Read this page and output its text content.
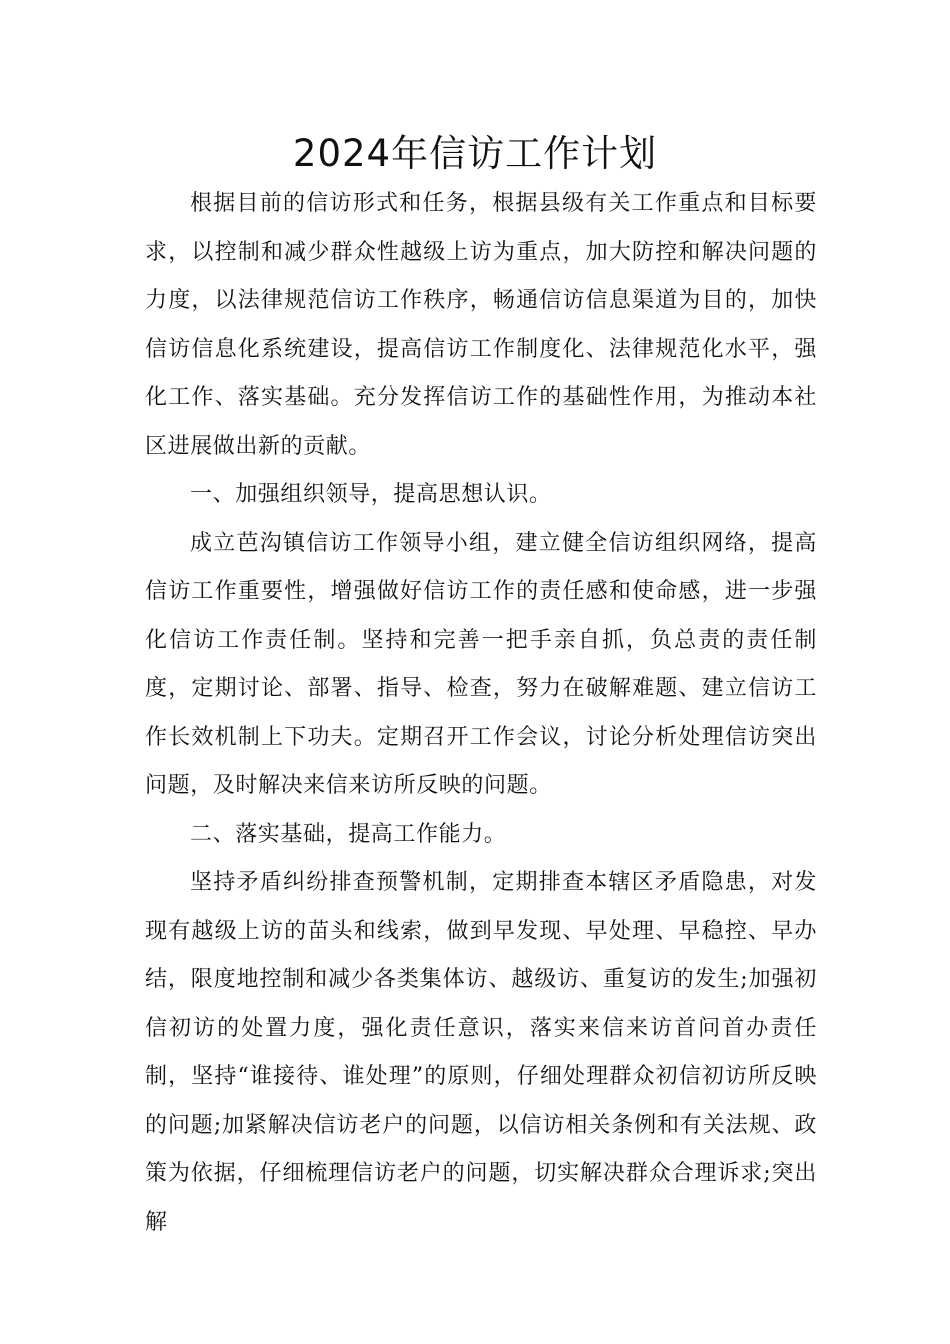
2024年信访工作计划

根据目前的信访形式和任务，根据县级有关工作重点和目标要求，以控制和减少群众性越级上访为重点，加大防控和解决问题的力度，以法律规范信访工作秩序，畅通信访信息渠道为目的，加快信访信息化系统建设，提高信访工作制度化、法律规范化水平，强化工作、落实基础。充分发挥信访工作的基础性作用，为推动本社区进展做出新的贡献。

一、加强组织领导，提高思想认识。

成立芭沟镇信访工作领导小组，建立健全信访组织网络，提高信访工作重要性，增强做好信访工作的责任感和使命感，进一步强化信访工作责任制。坚持和完善一把手亲自抓，负总责的责任制度，定期讨论、部署、指导、检查，努力在破解难题、建立信访工作长效机制上下功夫。定期召开工作会议，讨论分析处理信访突出问题，及时解决来信来访所反映的问题。

二、落实基础，提高工作能力。

坚持矛盾纠纷排查预警机制，定期排查本辖区矛盾隐患，对发现有越级上访的苗头和线索，做到早发现、早处理、早稳控、早办结，限度地控制和减少各类集体访、越级访、重复访的发生;加强初信初访的处置力度，强化责任意识，落实来信来访首问首办责任制，坚持“谁接待、谁处理”的原则，仔细处理群众初信初访所反映的问题;加紧解决信访老户的问题，以信访相关条例和有关法规、政策为依据，仔细梳理信访老户的问题，切实解决群众合理诉求;突出解
